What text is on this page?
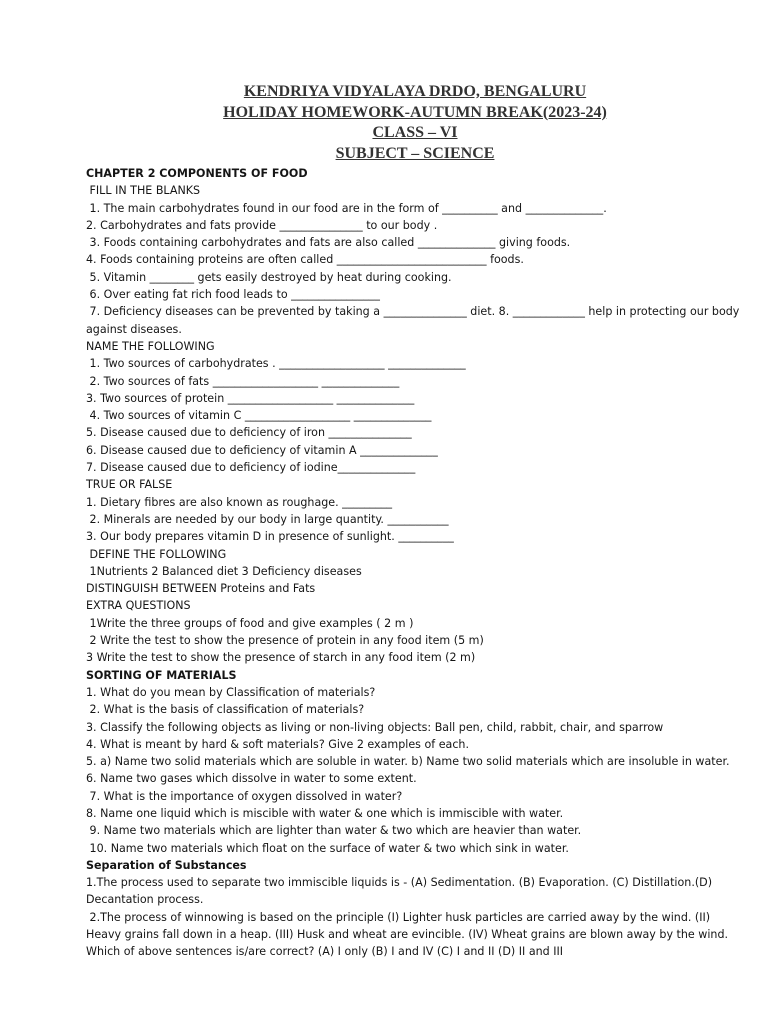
KENDRIYA VIDYALAYA DRDO, BENGALURU
HOLIDAY HOMEWORK-AUTUMN BREAK(2023-24)
CLASS – VI
SUBJECT – SCIENCE
CHAPTER 2 COMPONENTS OF FOOD
FILL IN THE BLANKS
1. The main carbohydrates found in our food are in the form of __________ and ______________.
2. Carbohydrates and fats provide _______________ to our body .
3. Foods containing carbohydrates and fats are also called ______________ giving foods.
4. Foods containing proteins are often called ___________________________ foods.
5. Vitamin ________ gets easily destroyed by heat during cooking.
6. Over eating fat rich food leads to ________________
7. Deficiency diseases can be prevented by taking a _______________ diet. 8. _____________ help in protecting our body against diseases.
NAME THE FOLLOWING
1. Two sources of carbohydrates . ___________________ ______________
2. Two sources of fats ___________________ ______________
3. Two sources of protein ___________________ ______________
4. Two sources of vitamin C ___________________ ______________
5. Disease caused due to deficiency of iron _______________
6. Disease caused due to deficiency of vitamin A ______________
7. Disease caused due to deficiency of iodine______________
TRUE OR FALSE
1. Dietary fibres are also known as roughage. _________
2. Minerals are needed by our body in large quantity. ___________
3. Our body prepares vitamin D in presence of sunlight. __________
DEFINE THE FOLLOWING
1Nutrients 2 Balanced diet 3 Deficiency diseases
DISTINGUISH BETWEEN Proteins and Fats
EXTRA QUESTIONS
1Write the three groups of food and give examples ( 2 m )
2 Write the test to show the presence of protein in any food item (5 m)
3 Write the test to show the presence of starch in any food item (2 m)
SORTING OF MATERIALS
1. What do you mean by Classification of materials?
2. What is the basis of classification of materials?
3. Classify the following objects as living or non-living objects: Ball pen, child, rabbit, chair, and sparrow
4. What is meant by hard & soft materials? Give 2 examples of each.
5. a) Name two solid materials which are soluble in water. b) Name two solid materials which are insoluble in water.
6. Name two gases which dissolve in water to some extent.
7. What is the importance of oxygen dissolved in water?
8. Name one liquid which is miscible with water & one which is immiscible with water.
9. Name two materials which are lighter than water & two which are heavier than water.
10. Name two materials which float on the surface of water & two which sink in water.
Separation of Substances
1.The process used to separate two immiscible liquids is - (A) Sedimentation. (B) Evaporation. (C) Distillation.(D) Decantation process.
2.The process of winnowing is based on the principle (I) Lighter husk particles are carried away by the wind. (II) Heavy grains fall down in a heap. (III) Husk and wheat are evincible. (IV) Wheat grains are blown away by the wind. Which of above sentences is/are correct? (A) I only (B) I and IV (C) I and II (D) II and III
